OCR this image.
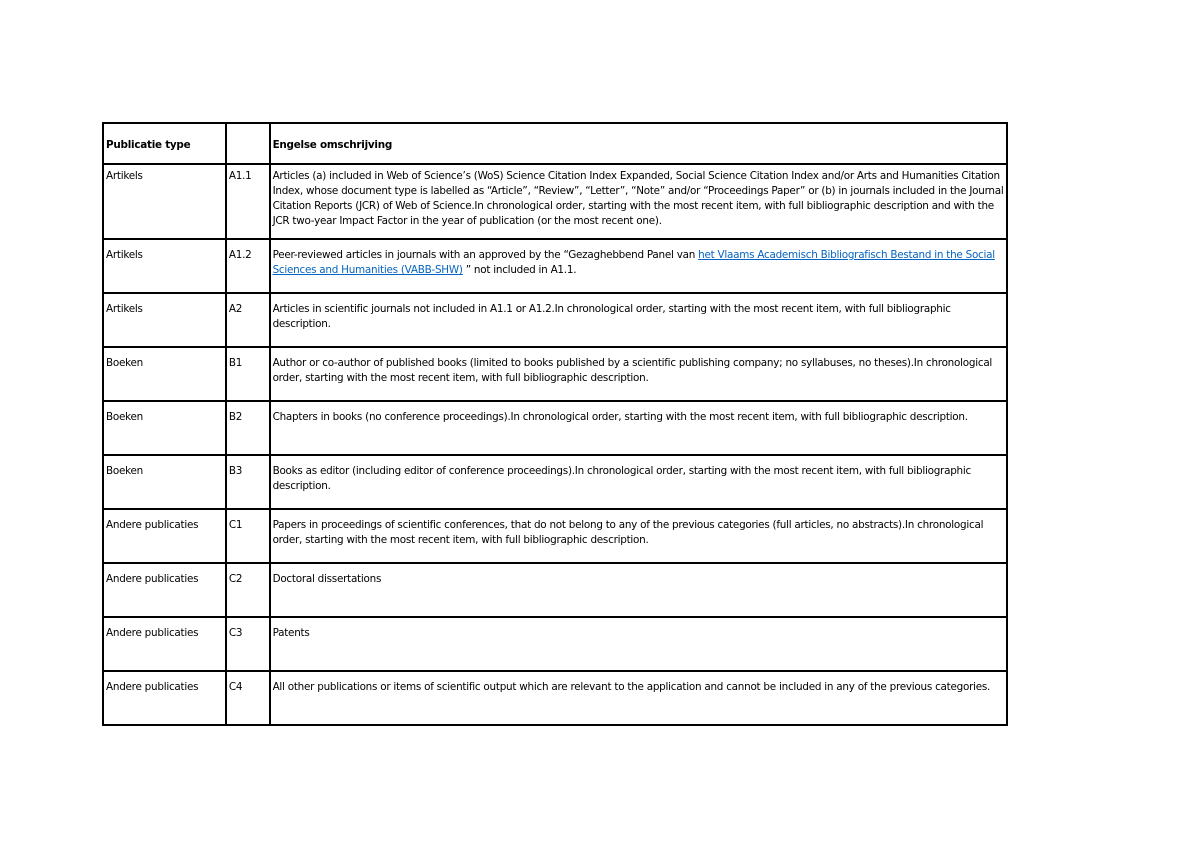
Publicatie type		Engelse omschrijving
Artikels	A1.1	Articles (a) included in Web of Science’s (WoS) Science Citation Index Expanded, Social Science Citation Index and/or Arts and Humanities Citation Index, whose document type is labelled as “Article”, “Review”, “Letter”, “Note” and/or “Proceedings Paper” or (b) in journals included in the Journal Citation Reports (JCR) of Web of Science.In chronological order, starting with the most recent item, with full bibliographic description and with the JCR two-year Impact Factor in the year of publication (or the most recent one).
Artikels	A1.2	Peer-reviewed articles in journals with an approved by the “Gezaghebbend Panel van het Vlaams Academisch Bibliografisch Bestand in the Social Sciences and Humanities (VABB-SHW) ” not included in A1.1.
Artikels	A2	Articles in scientific journals not included in A1.1 or A1.2.In chronological order, starting with the most recent item, with full bibliographic description.
Boeken	B1	Author or co-author of published books (limited to books published by a scientific publishing company; no syllabuses, no theses).In chronological order, starting with the most recent item, with full bibliographic description.
Boeken	B2	Chapters in books (no conference proceedings).In chronological order, starting with the most recent item, with full bibliographic description.
Boeken	B3	Books as editor (including editor of conference proceedings).In chronological order, starting with the most recent item, with full bibliographic description.
Andere publicaties	C1	Papers in proceedings of scientific conferences, that do not belong to any of the previous categories (full articles, no abstracts).In chronological order, starting with the most recent item, with full bibliographic description.
Andere publicaties	C2	Doctoral dissertations
Andere publicaties	C3	Patents
Andere publicaties	C4	All other publications or items of scientific output which are relevant to the application and cannot be included in any of the previous categories.
